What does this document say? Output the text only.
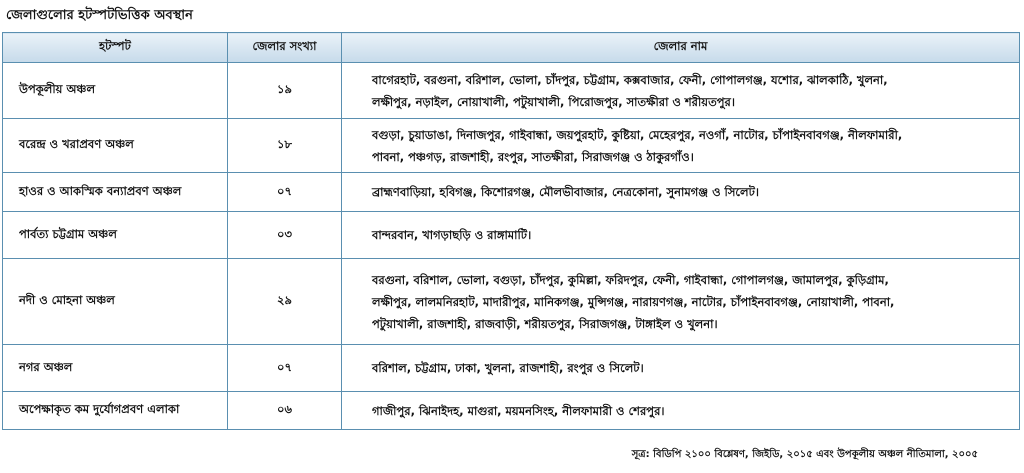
জেলাগুলোর হটস্পটভিত্তিক অবস্থান
হটস্পট	জেলার সংখ্যা	জেলার নাম
উপকূলীয় অঞ্চল	১৯	বাগেরহাট, বরগুনা, বরিশাল, ভোলা, চাঁদপুর, চট্টগ্রাম, কক্সবাজার, ফেনী, গোপালগঞ্জ, যশোর, ঝালকাঠি, খুলনা,
লক্ষীপুর, নড়াইল, নোয়াখালী, পটুয়াখালী, পিরোজপুর, সাতক্ষীরা ও শরীয়তপুর।

বরেন্দ্র ও খরাপ্রবণ অঞ্চল	১৮	বগুড়া, চুয়াডাঙা, দিনাজপুর, গাইবান্ধা, জয়পুরহাট, কুষ্টিয়া, মেহেরপুর, নওগাঁ, নাটোর, চাঁপাইনবাবগঞ্জ, নীলফামারী,
পাবনা, পঞ্চগড়, রাজশাহী, রংপুর, সাতক্ষীরা, সিরাজগঞ্জ ও ঠাকুরগাঁও।

হাওর ও আকস্মিক বন্যাপ্রবণ অঞ্চল	০৭	ব্রাহ্মণবাড়িয়া, হবিগঞ্জ, কিশোরগঞ্জ, মৌলভীবাজার, নেত্রকোনা, সুনামগঞ্জ ও সিলেট।

পার্বত্য চট্টগ্রাম অঞ্চল	০৩	বান্দরবান, খাগড়াছড়ি ও রাঙ্গামাটি।

নদী ও মোহনা অঞ্চল	২৯	বরগুনা, বরিশাল, ভোলা, বগুড়া, চাঁদপুর, কুমিল্লা, ফরিদপুর, ফেনী, গাইবান্ধা, গোপালগঞ্জ, জামালপুর, কুড়িগ্রাম,
লক্ষীপুর, লালমনিরহাট, মাদারীপুর, মানিকগঞ্জ, মুন্সিগঞ্জ, নারায়ণগঞ্জ, নাটোর, চাঁপাইনবাবগঞ্জ, নোয়াখালী, পাবনা,
পটুয়াখালী, রাজশাহী, রাজবাড়ী, শরীয়তপুর, সিরাজগঞ্জ, টাঙ্গাইল ও খুলনা।

নগর অঞ্চল	০৭	বরিশাল, চট্টগ্রাম, ঢাকা, খুলনা, রাজশাহী, রংপুর ও সিলেট।

অপেক্ষাকৃত কম দুর্যোগপ্রবণ এলাকা	০৬	গাজীপুর, ঝিনাইদহ, মাগুরা, ময়মনসিংহ, নীলফামারী ও শেরপুর।
সূত্র: বিডিপি ২১০০ বিশ্লেষণ, জিইডি, ২০১৫ এবং উপকূলীয় অঞ্চল নীতিমালা, ২০০৫
